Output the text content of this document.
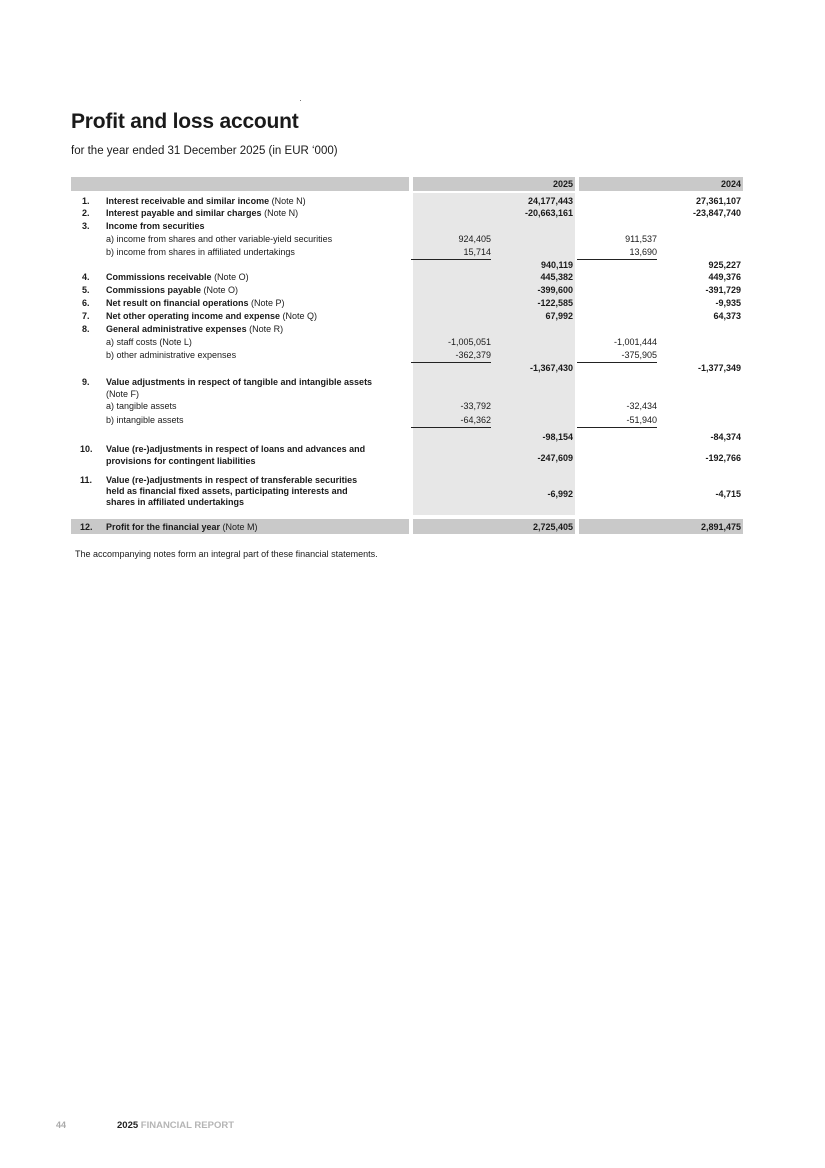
Profit and loss account
for the year ended 31 December 2025 (in EUR ‘000)
2025	2024
1. Interest receivable and similar income (Note N)	24,177,443	27,361,107
2. Interest payable and similar charges (Note N)	-20,663,161	-23,847,740
3. Income from securities
a) income from shares and other variable-yield securities	924,405	911,537
b) income from shares in affiliated undertakings	15,714	13,690
940,119	925,227
4. Commissions receivable (Note O)	445,382	449,376
5. Commissions payable (Note O)	-399,600	-391,729
6. Net result on financial operations (Note P)	-122,585	-9,935
7. Net other operating income and expense (Note Q)	67,992	64,373
8. General administrative expenses (Note R)
a) staff costs (Note L)	-1,005,051	-1,001,444
b) other administrative expenses	-362,379	-375,905
-1,367,430	-1,377,349
9. Value adjustments in respect of tangible and intangible assets
(Note F)
a) tangible assets	-33,792	-32,434
b) intangible assets	-64,362	-51,940
-98,154	-84,374
10. Value (re-)adjustments in respect of loans and advances and
provisions for contingent liabilities	-247,609	-192,766
11. Value (re-)adjustments in respect of transferable securities
held as financial fixed assets, participating interests and
shares in affiliated undertakings
-6,992	-4,715
12. Profit for the financial year (Note M)	2,725,405	2,891,475
The accompanying notes form an integral part of these financial statements.
44	2025 FINANCIAL REPORT
